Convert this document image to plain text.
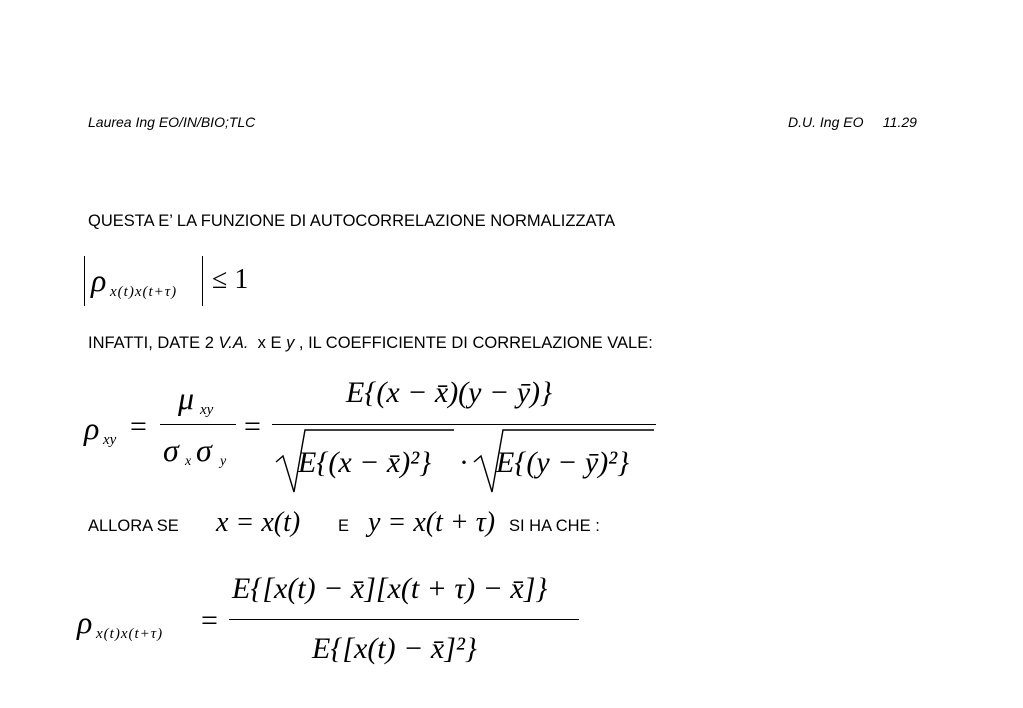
Laurea Ing EO/IN/BIO;TLC	D.U. Ing EO     11.29
QUESTA E’ LA FUNZIONE DI AUTOCORRELAZIONE NORMALIZZATA
ρ x(t)x(t+τ) ≤ 1
INFATTI, DATE 2 V.A.  x E y , IL COEFFICIENTE DI CORRELAZIONE VALE:
ρ xy =
μ xy
σ x σ y
=
E{(x − x̄)(y − ȳ)}
E{(x − x̄)²} · E{(y − ȳ)²}
ALLORA SE x = x(t) E y = x(t + τ) SI HA CHE :
ρ x(t)x(t+τ) =
E{[x(t) − x̄][x(t + τ) − x̄]}
E{[x(t) − x̄]²}
